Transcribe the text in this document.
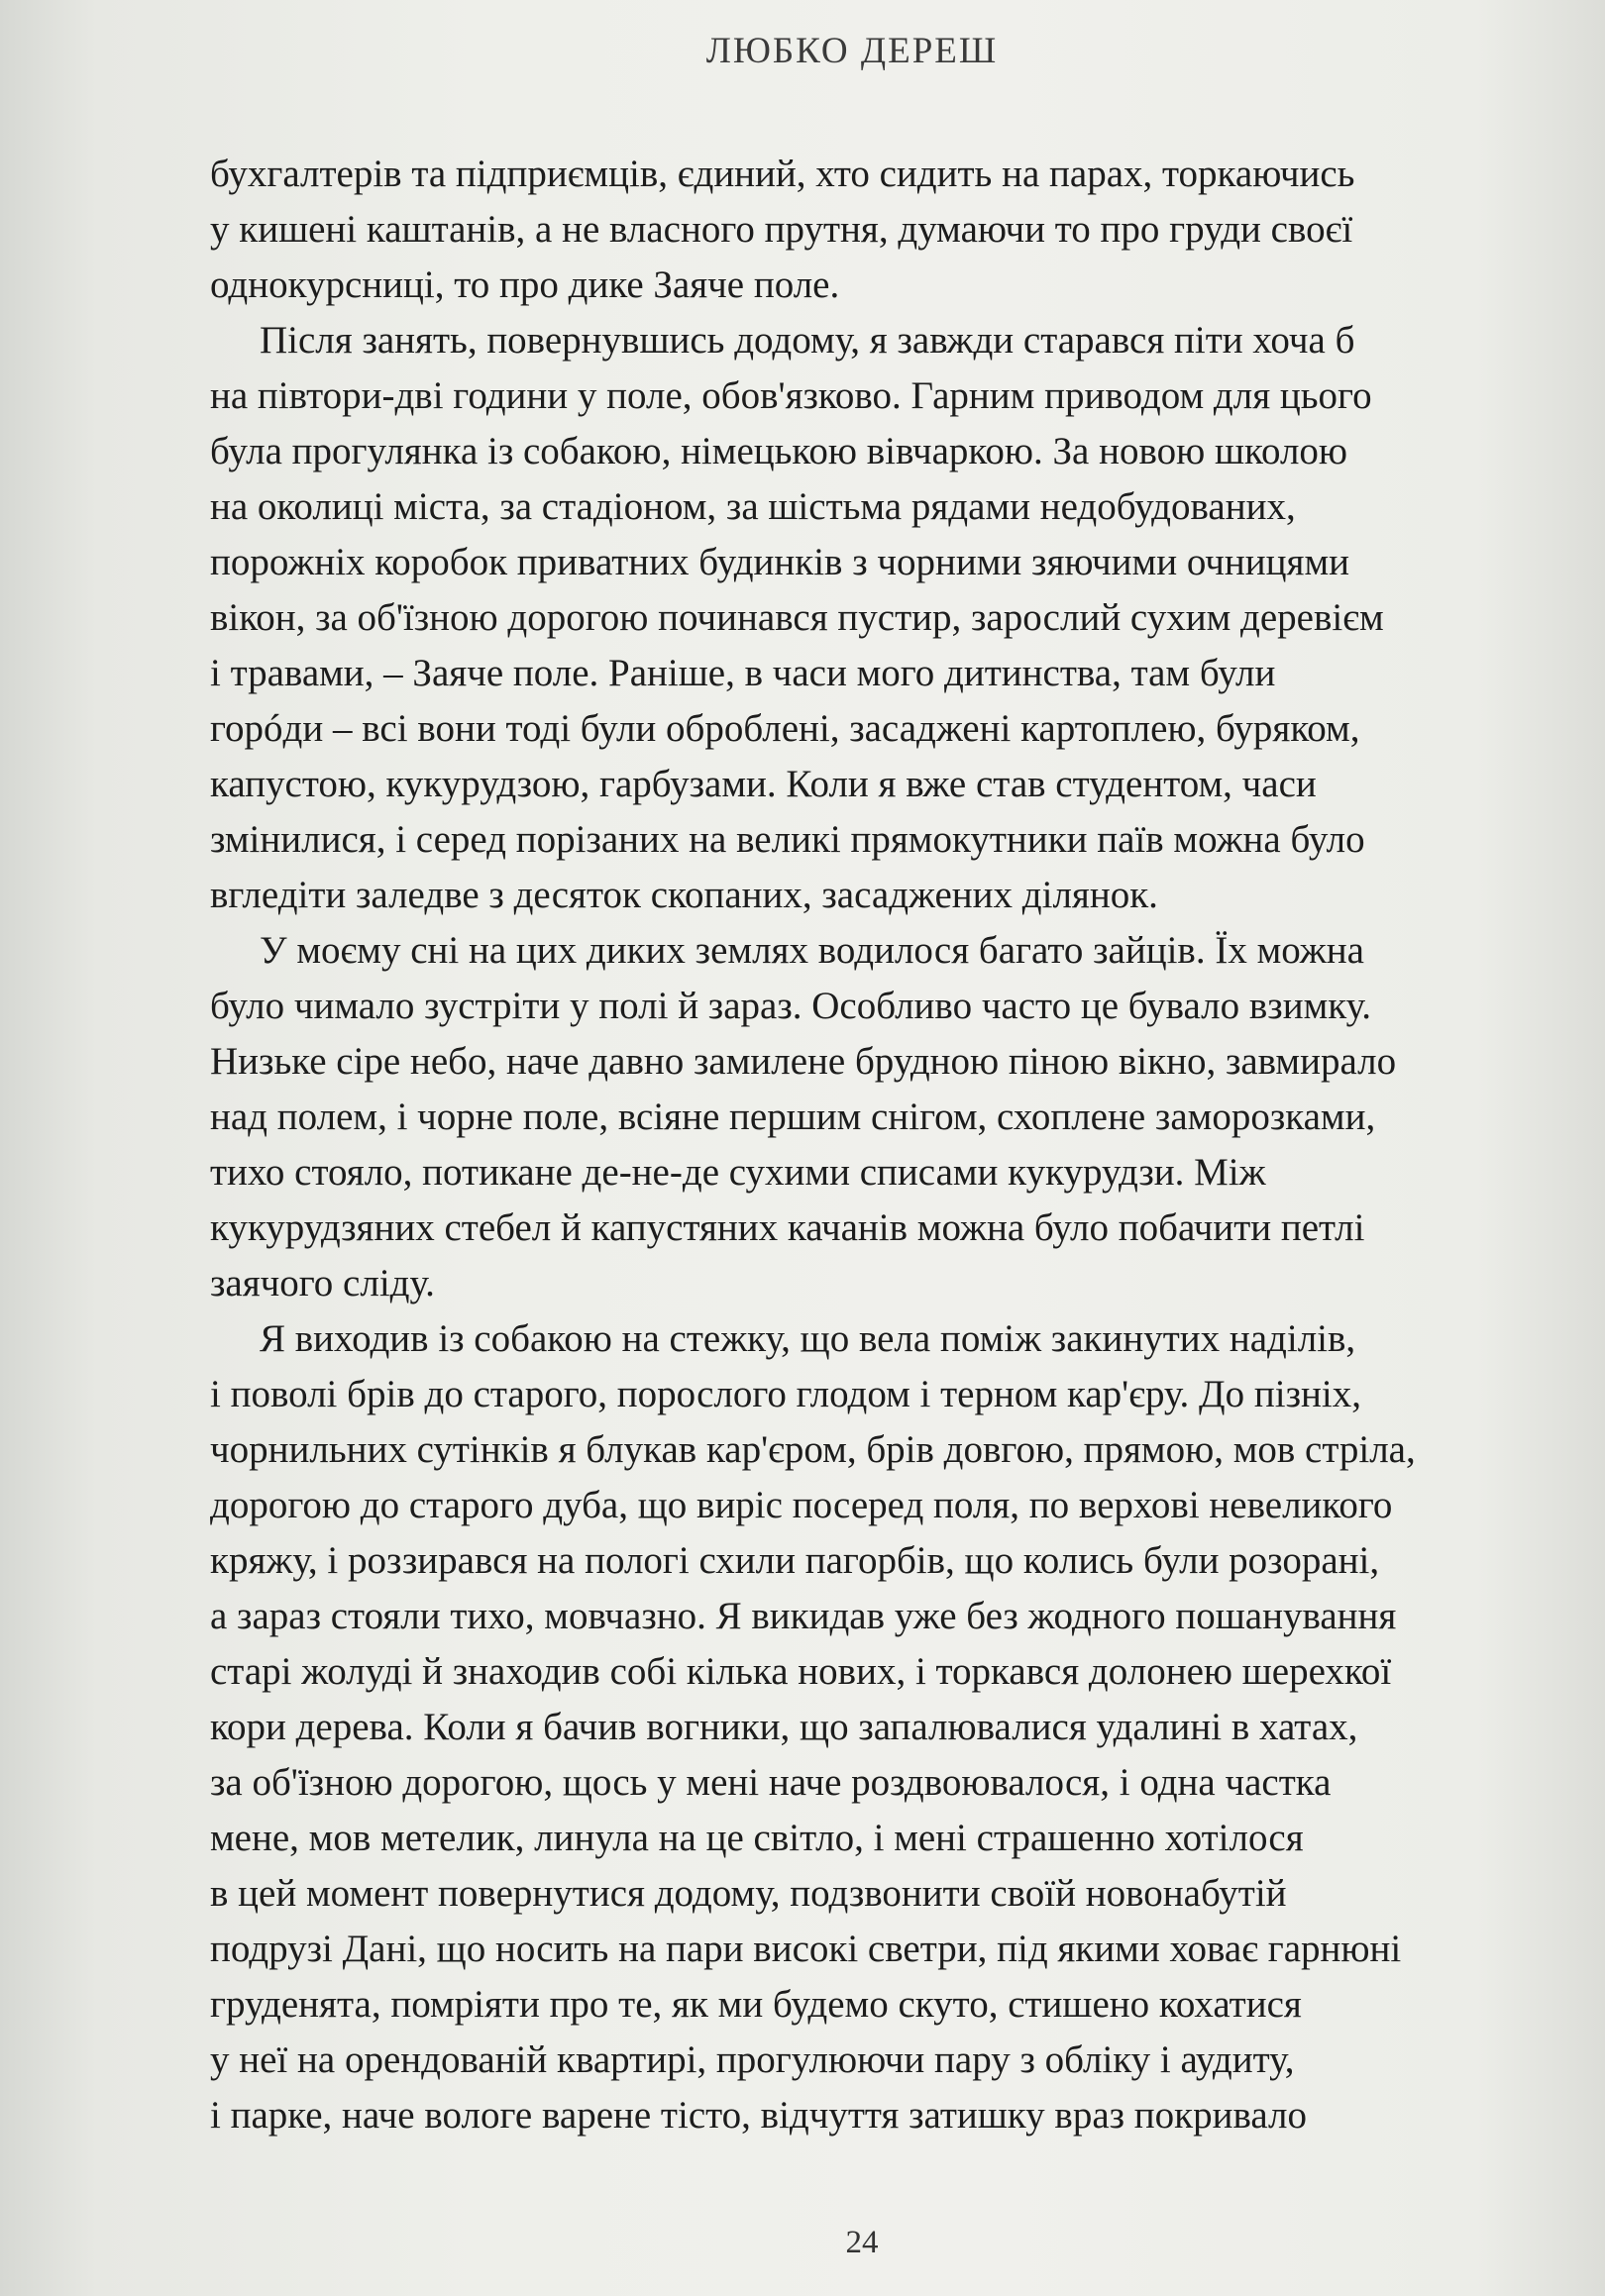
ЛЮБКО ДЕРЕШ
бухгалтерів та підприємців, єдиний, хто сидить на парах, торкаючись
у кишені каштанів, а не власного прутня, думаючи то про груди своєї
однокурсниці, то про дике Заяче поле.
Після занять, повернувшись додому, я завжди старався піти хоча б
на півтори-дві години у поле, обов'язково. Гарним приводом для цього
була прогулянка із собакою, німецькою вівчаркою. За новою школою
на околиці міста, за стадіоном, за шістьма рядами недобудованих,
порожніх коробок приватних будинків з чорними зяючими очницями
вікон, за об'їзною дорогою починався пустир, зарослий сухим деревієм
і травами, – Заяче поле. Раніше, в часи мого дитинства, там були
горóди – всі вони тоді були оброблені, засаджені картоплею, буряком,
капустою, кукурудзою, гарбузами. Коли я вже став студентом, часи
змінилися, і серед порізаних на великі прямокутники паїв можна було
вгледіти заледве з десяток скопаних, засаджених ділянок.
У моєму сні на цих диких землях водилося багато зайців. Їх можна
було чимало зустріти у полі й зараз. Особливо часто це бувало взимку.
Низьке сіре небо, наче давно замилене брудною піною вікно, завмирало
над полем, і чорне поле, всіяне першим снігом, схоплене заморозками,
тихо стояло, потикане де-не-де сухими списами кукурудзи. Між
кукурудзяних стебел й капустяних качанів можна було побачити петлі
заячого сліду.
Я виходив із собакою на стежку, що вела поміж закинутих наділів,
і поволі брів до старого, порослого глодом і терном кар'єру. До пізніх,
чорнильних сутінків я блукав кар'єром, брів довгою, прямою, мов стріла,
дорогою до старого дуба, що виріс посеред поля, по верхові невеликого
кряжу, і роззирався на пологі схили пагорбів, що колись були розорані,
а зараз стояли тихо, мовчазно. Я викидав уже без жодного пошанування
старі жолуді й знаходив собі кілька нових, і торкався долонею шерехкої
кори дерева. Коли я бачив вогники, що запалювалися удалині в хатах,
за об'їзною дорогою, щось у мені наче роздвоювалося, і одна частка
мене, мов метелик, линула на це світло, і мені страшенно хотілося
в цей момент повернутися додому, подзвонити своїй новонабутій
подрузі Дані, що носить на пари високі светри, під якими ховає гарнюні
груденята, помріяти про те, як ми будемо скуто, стишено кохатися
у неї на орендованій квартирі, прогулюючи пару з обліку і аудиту,
і парке, наче вологе варене тісто, відчуття затишку враз покривало
24
